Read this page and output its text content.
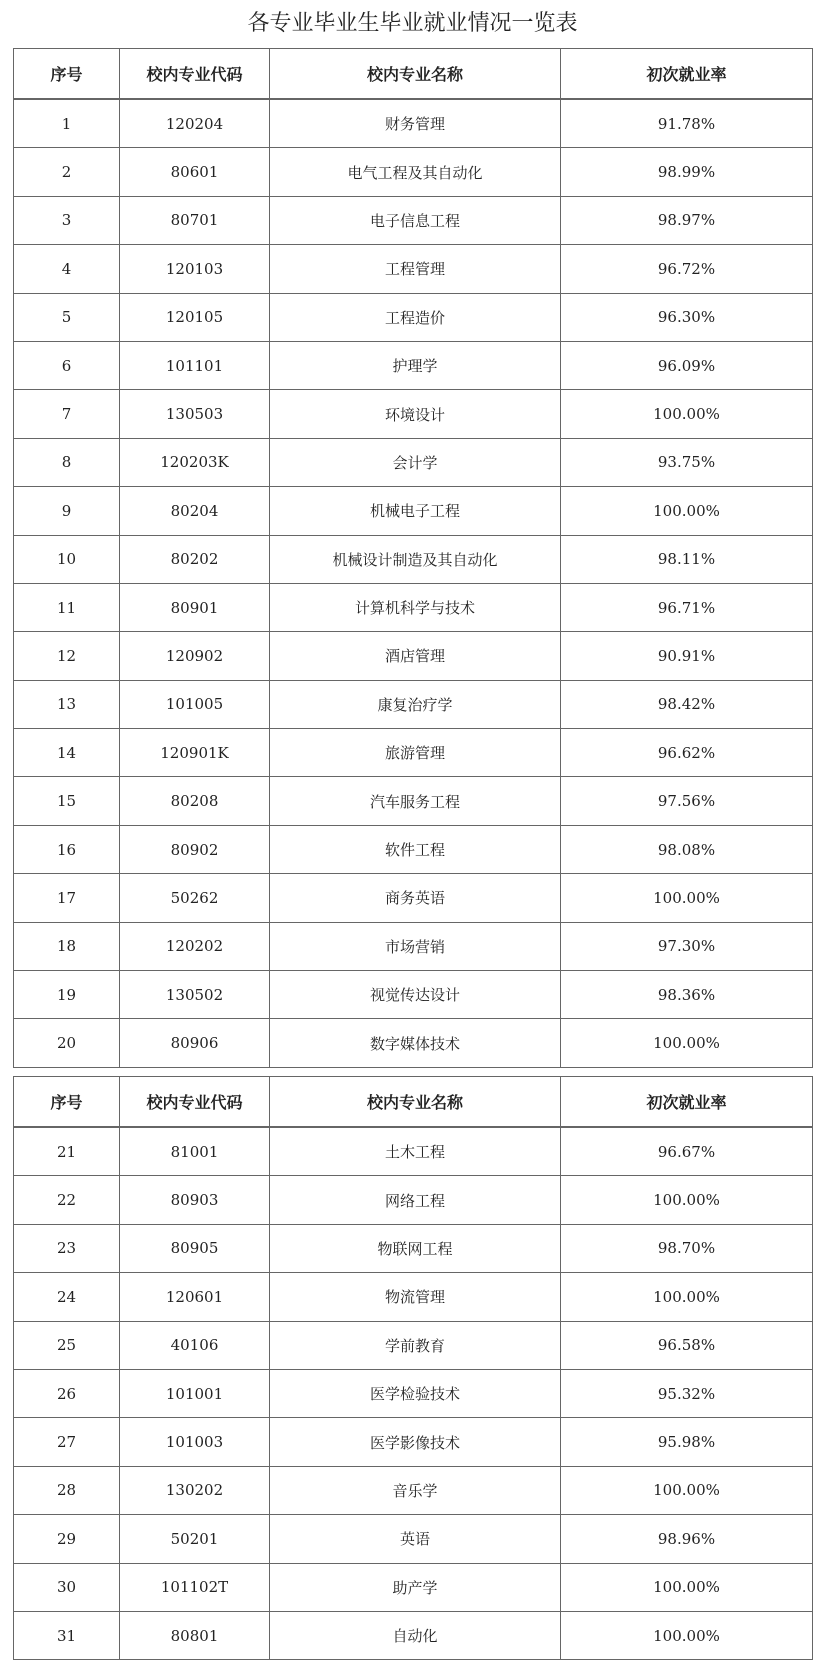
各专业毕业生毕业就业情况一览表
序号	校内专业代码	校内专业名称	初次就业率
1	120204	财务管理	91.78%
2	80601	电气工程及其自动化	98.99%
3	80701	电子信息工程	98.97%
4	120103	工程管理	96.72%
5	120105	工程造价	96.30%
6	101101	护理学	96.09%
7	130503	环境设计	100.00%
8	120203K	会计学	93.75%
9	80204	机械电子工程	100.00%
10	80202	机械设计制造及其自动化	98.11%
11	80901	计算机科学与技术	96.71%
12	120902	酒店管理	90.91%
13	101005	康复治疗学	98.42%
14	120901K	旅游管理	96.62%
15	80208	汽车服务工程	97.56%
16	80902	软件工程	98.08%
17	50262	商务英语	100.00%
18	120202	市场营销	97.30%
19	130502	视觉传达设计	98.36%
20	80906	数字媒体技术	100.00%
序号	校内专业代码	校内专业名称	初次就业率
21	81001	土木工程	96.67%
22	80903	网络工程	100.00%
23	80905	物联网工程	98.70%
24	120601	物流管理	100.00%
25	40106	学前教育	96.58%
26	101001	医学检验技术	95.32%
27	101003	医学影像技术	95.98%
28	130202	音乐学	100.00%
29	50201	英语	98.96%
30	101102T	助产学	100.00%
31	80801	自动化	100.00%
